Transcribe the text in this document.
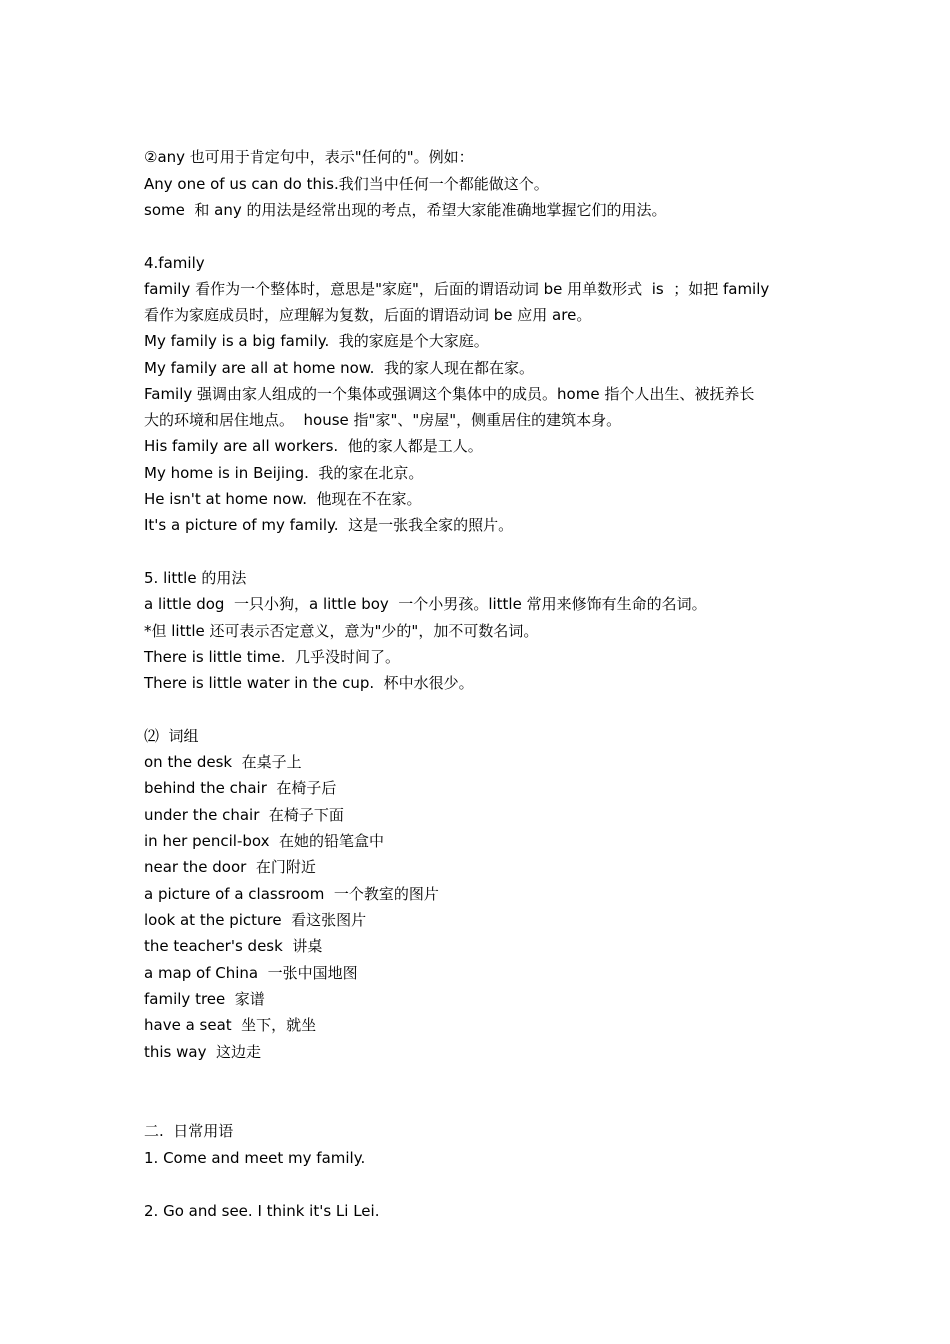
②any 也可用于肯定句中，表示"任何的"。例如：
Any one of us can do this.我们当中任何一个都能做这个。
some  和 any 的用法是经常出现的考点，希望大家能准确地掌握它们的用法。
4.family
family 看作为一个整体时，意思是"家庭"，后面的谓语动词 be 用单数形式  is  ；如把 family
看作为家庭成员时，应理解为复数，后面的谓语动词 be 应用 are。
My family is a big family.  我的家庭是个大家庭。
My family are all at home now.  我的家人现在都在家。
Family 强调由家人组成的一个集体或强调这个集体中的成员。home 指个人出生、被抚养长
大的环境和居住地点。  house 指"家"、"房屋"，侧重居住的建筑本身。
His family are all workers.  他的家人都是工人。
My home is in Beijing.  我的家在北京。
He isn't at home now.  他现在不在家。
It's a picture of my family.  这是一张我全家的照片。
5. little 的用法
a little dog  一只小狗，a little boy  一个小男孩。little 常用来修饰有生命的名词。
*但 little 还可表示否定意义，意为"少的"，加不可数名词。
There is little time.  几乎没时间了。
There is little water in the cup.  杯中水很少。
⑵  词组
on the desk  在桌子上
behind the chair  在椅子后
under the chair  在椅子下面
in her pencil-box  在她的铅笔盒中
near the door  在门附近
a picture of a classroom  一个教室的图片
look at the picture  看这张图片
the teacher's desk  讲桌
a map of China  一张中国地图
family tree  家谱
have a seat  坐下，就坐
this way  这边走
二.  日常用语
1. Come and meet my family.
2. Go and see. I think it's Li Lei.
